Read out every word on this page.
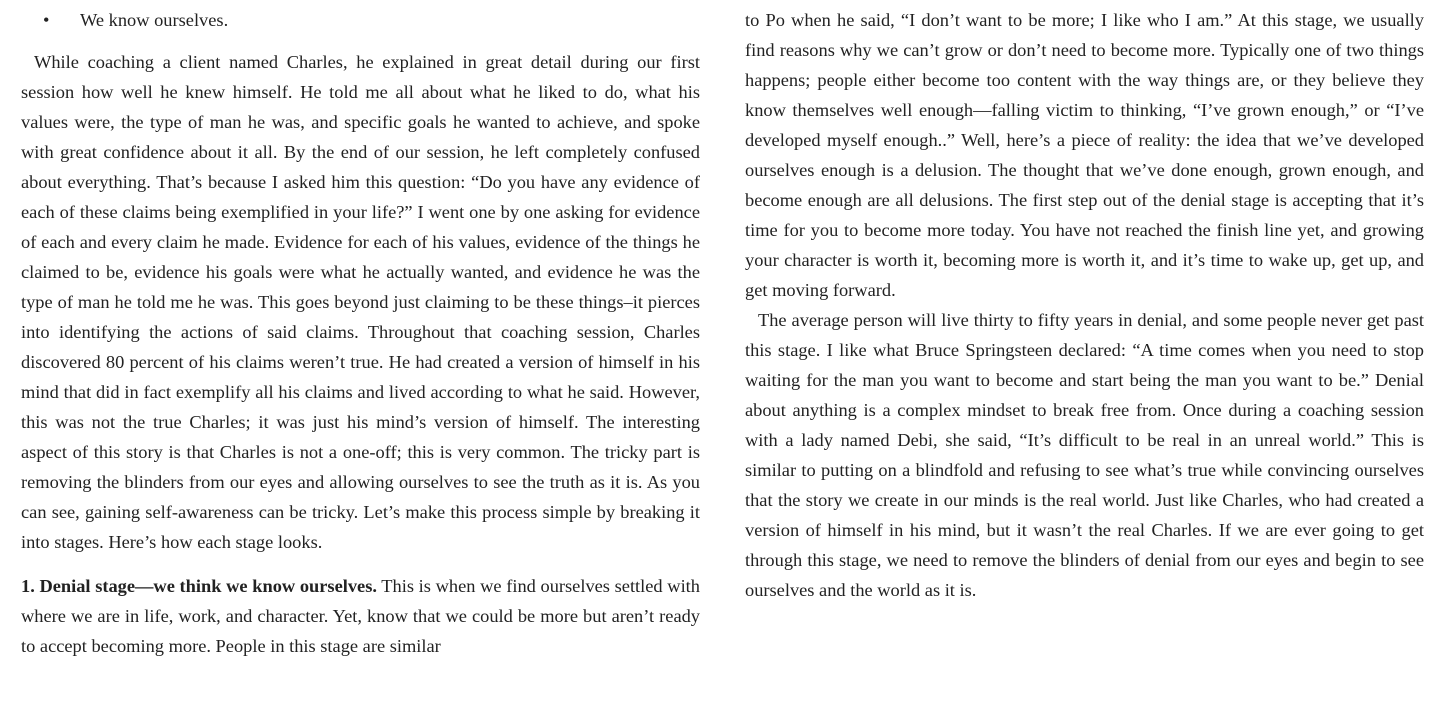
• We know ourselves.

While coaching a client named Charles, he explained in great detail during our first session how well he knew himself. He told me all about what he liked to do, what his values were, the type of man he was, and specific goals he wanted to achieve, and spoke with great confidence about it all. By the end of our session, he left completely confused about everything. That’s because I asked him this question: “Do you have any evidence of each of these claims being exemplified in your life?” I went one by one asking for evidence of each and every claim he made. Evidence for each of his values, evidence of the things he claimed to be, evidence his goals were what he actually wanted, and evidence he was the type of man he told me he was. This goes beyond just claiming to be these things–it pierces into identifying the actions of said claims. Throughout that coaching session, Charles discovered 80 percent of his claims weren’t true. He had created a version of himself in his mind that did in fact exemplify all his claims and lived according to what he said. However, this was not the true Charles; it was just his mind’s version of himself. The interesting aspect of this story is that Charles is not a one-off; this is very common. The tricky part is removing the blinders from our eyes and allowing ourselves to see the truth as it is. As you can see, gaining self-awareness can be tricky. Let’s make this process simple by breaking it into stages. Here’s how each stage looks.

1. Denial stage—we think we know ourselves. This is when we find ourselves settled with where we are in life, work, and character. Yet, know that we could be more but aren’t ready to accept becoming more. People in this stage are similar

to Po when he said, “I don’t want to be more; I like who I am.” At this stage, we usually find reasons why we can’t grow or don’t need to become more. Typically one of two things happens; people either become too content with the way things are, or they believe they know themselves well enough—falling victim to thinking, “I’ve grown enough,” or “I’ve developed myself enough..” Well, here’s a piece of reality: the idea that we’ve developed ourselves enough is a delusion. The thought that we’ve done enough, grown enough, and become enough are all delusions. The first step out of the denial stage is accepting that it’s time for you to become more today. You have not reached the finish line yet, and growing your character is worth it, becoming more is worth it, and it’s time to wake up, get up, and get moving forward.

The average person will live thirty to fifty years in denial, and some people never get past this stage. I like what Bruce Springsteen declared: “A time comes when you need to stop waiting for the man you want to become and start being the man you want to be.” Denial about anything is a complex mindset to break free from. Once during a coaching session with a lady named Debi, she said, “It’s difficult to be real in an unreal world.” This is similar to putting on a blindfold and refusing to see what’s true while convincing ourselves that the story we create in our minds is the real world. Just like Charles, who had created a version of himself in his mind, but it wasn’t the real Charles. If we are ever going to get through this stage, we need to remove the blinders of denial from our eyes and begin to see ourselves and the world as it is.
